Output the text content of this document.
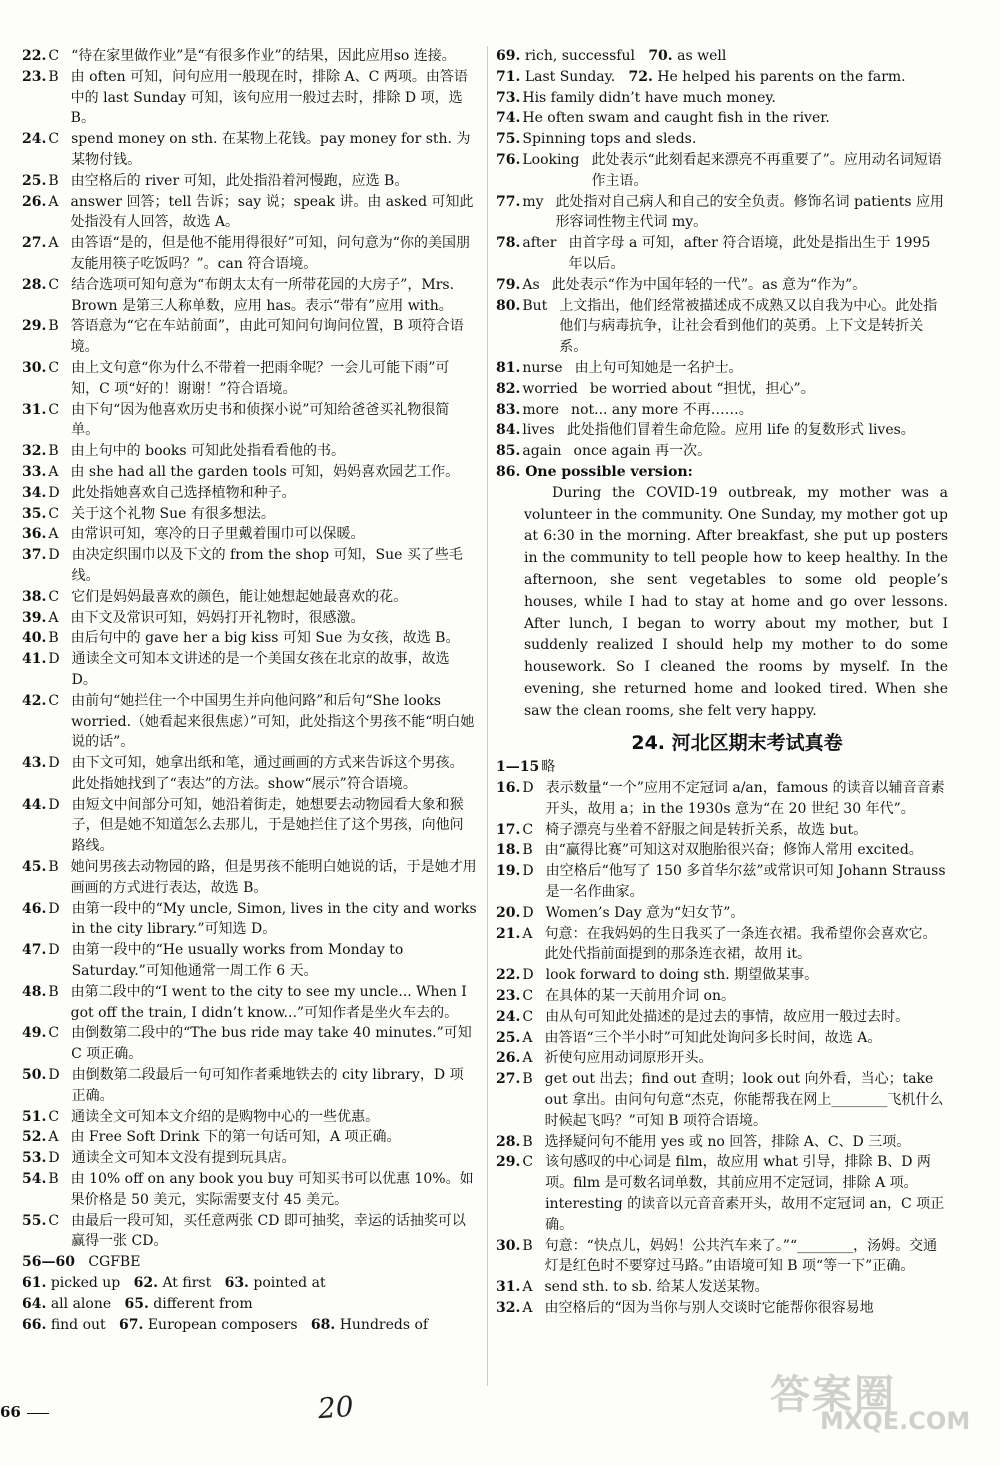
22. C “待在家里做作业”是“有很多作业”的结果，因此应用so 连接。
23. B 由 often 可知，问句应用一般现在时，排除 A、C 两项。由答语中的 last Sunday 可知，该句应用一般过去时，排除 D 项，选 B。
24. C spend money on sth. 在某物上花钱。pay money for sth. 为某物付钱。
25. B 由空格后的 river 可知，此处指沿着河慢跑，应选 B。
26. A answer 回答；tell 告诉；say 说；speak 讲。由 asked 可知此处指没有人回答，故选 A。
27. A 由答语“是的，但是他不能用得很好”可知，问句意为“你的美国朋友能用筷子吃饭吗？”。can 符合语境。
28. C 结合选项可知句意为“布朗太太有一所带花园的大房子”，Mrs. Brown 是第三人称单数，应用 has。表示“带有”应用 with。
29. B 答语意为“它在车站前面”，由此可知问句询问位置，B 项符合语境。
30. C 由上文句意“你为什么不带着一把雨伞呢？一会儿可能下雨”可知，C 项“好的！谢谢！”符合语境。
31. C 由下句“因为他喜欢历史书和侦探小说”可知给爸爸买礼物很简单。
32. B 由上句中的 books 可知此处指看看他的书。
33. A 由 she had all the garden tools 可知，妈妈喜欢园艺工作。
34. D 此处指她喜欢自己选择植物和种子。
35. C 关于这个礼物 Sue 有很多想法。
36. A 由常识可知，寒冷的日子里戴着围巾可以保暖。
37. D 由决定织围巾以及下文的 from the shop 可知，Sue 买了些毛线。
38. C 它们是妈妈最喜欢的颜色，能让她想起她最喜欢的花。
39. A 由下文及常识可知，妈妈打开礼物时，很感激。
40. B 由后句中的 gave her a big kiss 可知 Sue 为女孩，故选 B。
41. D 通读全文可知本文讲述的是一个美国女孩在北京的故事，故选 D。
42. C 由前句“她拦住一个中国男生并向他问路”和后句“She looks worried.（她看起来很焦虑）”可知，此处指这个男孩不能“明白她说的话”。
43. D 由下文可知，她拿出纸和笔，通过画画的方式来告诉这个男孩。此处指她找到了“表达”的方法。show“展示”符合语境。
44. D 由短文中间部分可知，她沿着街走，她想要去动物园看大象和猴子，但是她不知道怎么去那儿，于是她拦住了这个男孩，向他问路线。
45. B 她问男孩去动物园的路，但是男孩不能明白她说的话，于是她才用画画的方式进行表达，故选 B。
46. D 由第一段中的“My uncle, Simon, lives in the city and works in the city library.”可知选 D。
47. D 由第一段中的“He usually works from Monday to Saturday.”可知他通常一周工作 6 天。
48. B 由第二段中的“I went to the city to see my uncle... When I got off the train, I didn’t know...”可知作者是坐火车去的。
49. C 由倒数第二段中的“The bus ride may take 40 minutes.”可知 C 项正确。
50. D 由倒数第二段最后一句可知作者乘地铁去的 city library，D 项正确。
51. C 通读全文可知本文介绍的是购物中心的一些优惠。
52. A 由 Free Soft Drink 下的第一句话可知，A 项正确。
53. D 通读全文可知本文没有提到玩具店。
54. B 由 10% off on any book you buy 可知买书可以优惠 10%。如果价格是 50 美元，实际需要支付 45 美元。
55. C 由最后一段可知，买任意两张 CD 即可抽奖，幸运的话抽奖可以赢得一张 CD。
56—60   CGFBE
61. picked up 62. At first 63. pointed at
64. all alone 65. different from
66. find out 67. European composers 68. Hundreds of
69. rich, successful 70. as well
71. Last Sunday. 72. He helped his parents on the farm.
73. His family didn’t have much money.
74. He often swam and caught fish in the river.
75. Spinning tops and sleds.
76. Looking 此处表示“此刻看起来漂亮不再重要了”。应用动名词短语作主语。
77. my 此处指对自己病人和自己的安全负责。修饰名词 patients 应用形容词性物主代词 my。
78. after 由首字母 a 可知，after 符合语境，此处是指出生于 1995 年以后。
79. As 此处表示“作为中国年轻的一代”。as 意为“作为”。
80. But 上文指出，他们经常被描述成不成熟又以自我为中心。此处指他们与病毒抗争，让社会看到他们的英勇。上下文是转折关系。
81. nurse 由上句可知她是一名护士。
82. worried be worried about “担忧，担心”。
83. more not... any more 不再……。
84. lives 此处指他们冒着生命危险。应用 life 的复数形式 lives。
85. again once again 再一次。
86. One possible version:
During the COVID-19 outbreak, my mother was a volunteer in the community. One Sunday, my mother got up at 6:30 in the morning. After breakfast, she put up posters in the community to tell people how to keep healthy. In the afternoon, she sent vegetables to some old people’s houses, while I had to stay at home and go over lessons. After lunch, I began to worry about my mother, but I suddenly realized I should help my mother to do some housework. So I cleaned the rooms by myself. In the evening, she returned home and looked tired. When she saw the clean rooms, she felt very happy.
24. 河北区期末考试真卷
1—15 略
16. D 表示数量“一个”应用不定冠词 a/an，famous 的读音以辅音音素开头，故用 a；in the 1930s 意为“在 20 世纪 30 年代”。
17. C 椅子漂亮与坐着不舒服之间是转折关系，故选 but。
18. B 由“赢得比赛”可知这对双胞胎很兴奋；修饰人常用 excited。
19. D 由空格后“他写了 150 多首华尔兹”或常识可知 Johann Strauss 是一名作曲家。
20. D Women’s Day 意为“妇女节”。
21. A 句意：在我妈妈的生日我买了一条连衣裙。我希望你会喜欢它。此处代指前面提到的那条连衣裙，故用 it。
22. D look forward to doing sth. 期望做某事。
23. C 在具体的某一天前用介词 on。
24. C 由从句可知此处描述的是过去的事情，故应用一般过去时。
25. A 由答语“三个半小时”可知此处询问多长时间，故选 A。
26. A 祈使句应用动词原形开头。
27. B get out 出去；find out 查明；look out 向外看，当心；take out 拿出。由问句句意“杰克，你能帮我在网上________飞机什么时候起飞吗？”可知 B 项符合语境。
28. B 选择疑问句不能用 yes 或 no 回答，排除 A、C、D 三项。
29. C 该句感叹的中心词是 film，故应用 what 引导，排除 B、D 两项。film 是可数名词单数，其前应用不定冠词，排除 A 项。interesting 的读音以元音音素开头，故用不定冠词 an，C 项正确。
30. B 句意：“快点儿，妈妈！公共汽车来了。”“________，汤姆。交通灯是红色时不要穿过马路。”由语境可知 B 项“等一下”正确。
31. A send sth. to sb. 给某人发送某物。
32. A 由空格后的“因为当你与别人交谈时它能帮你很容易地
66	20	答案圈
MXQE.COM
